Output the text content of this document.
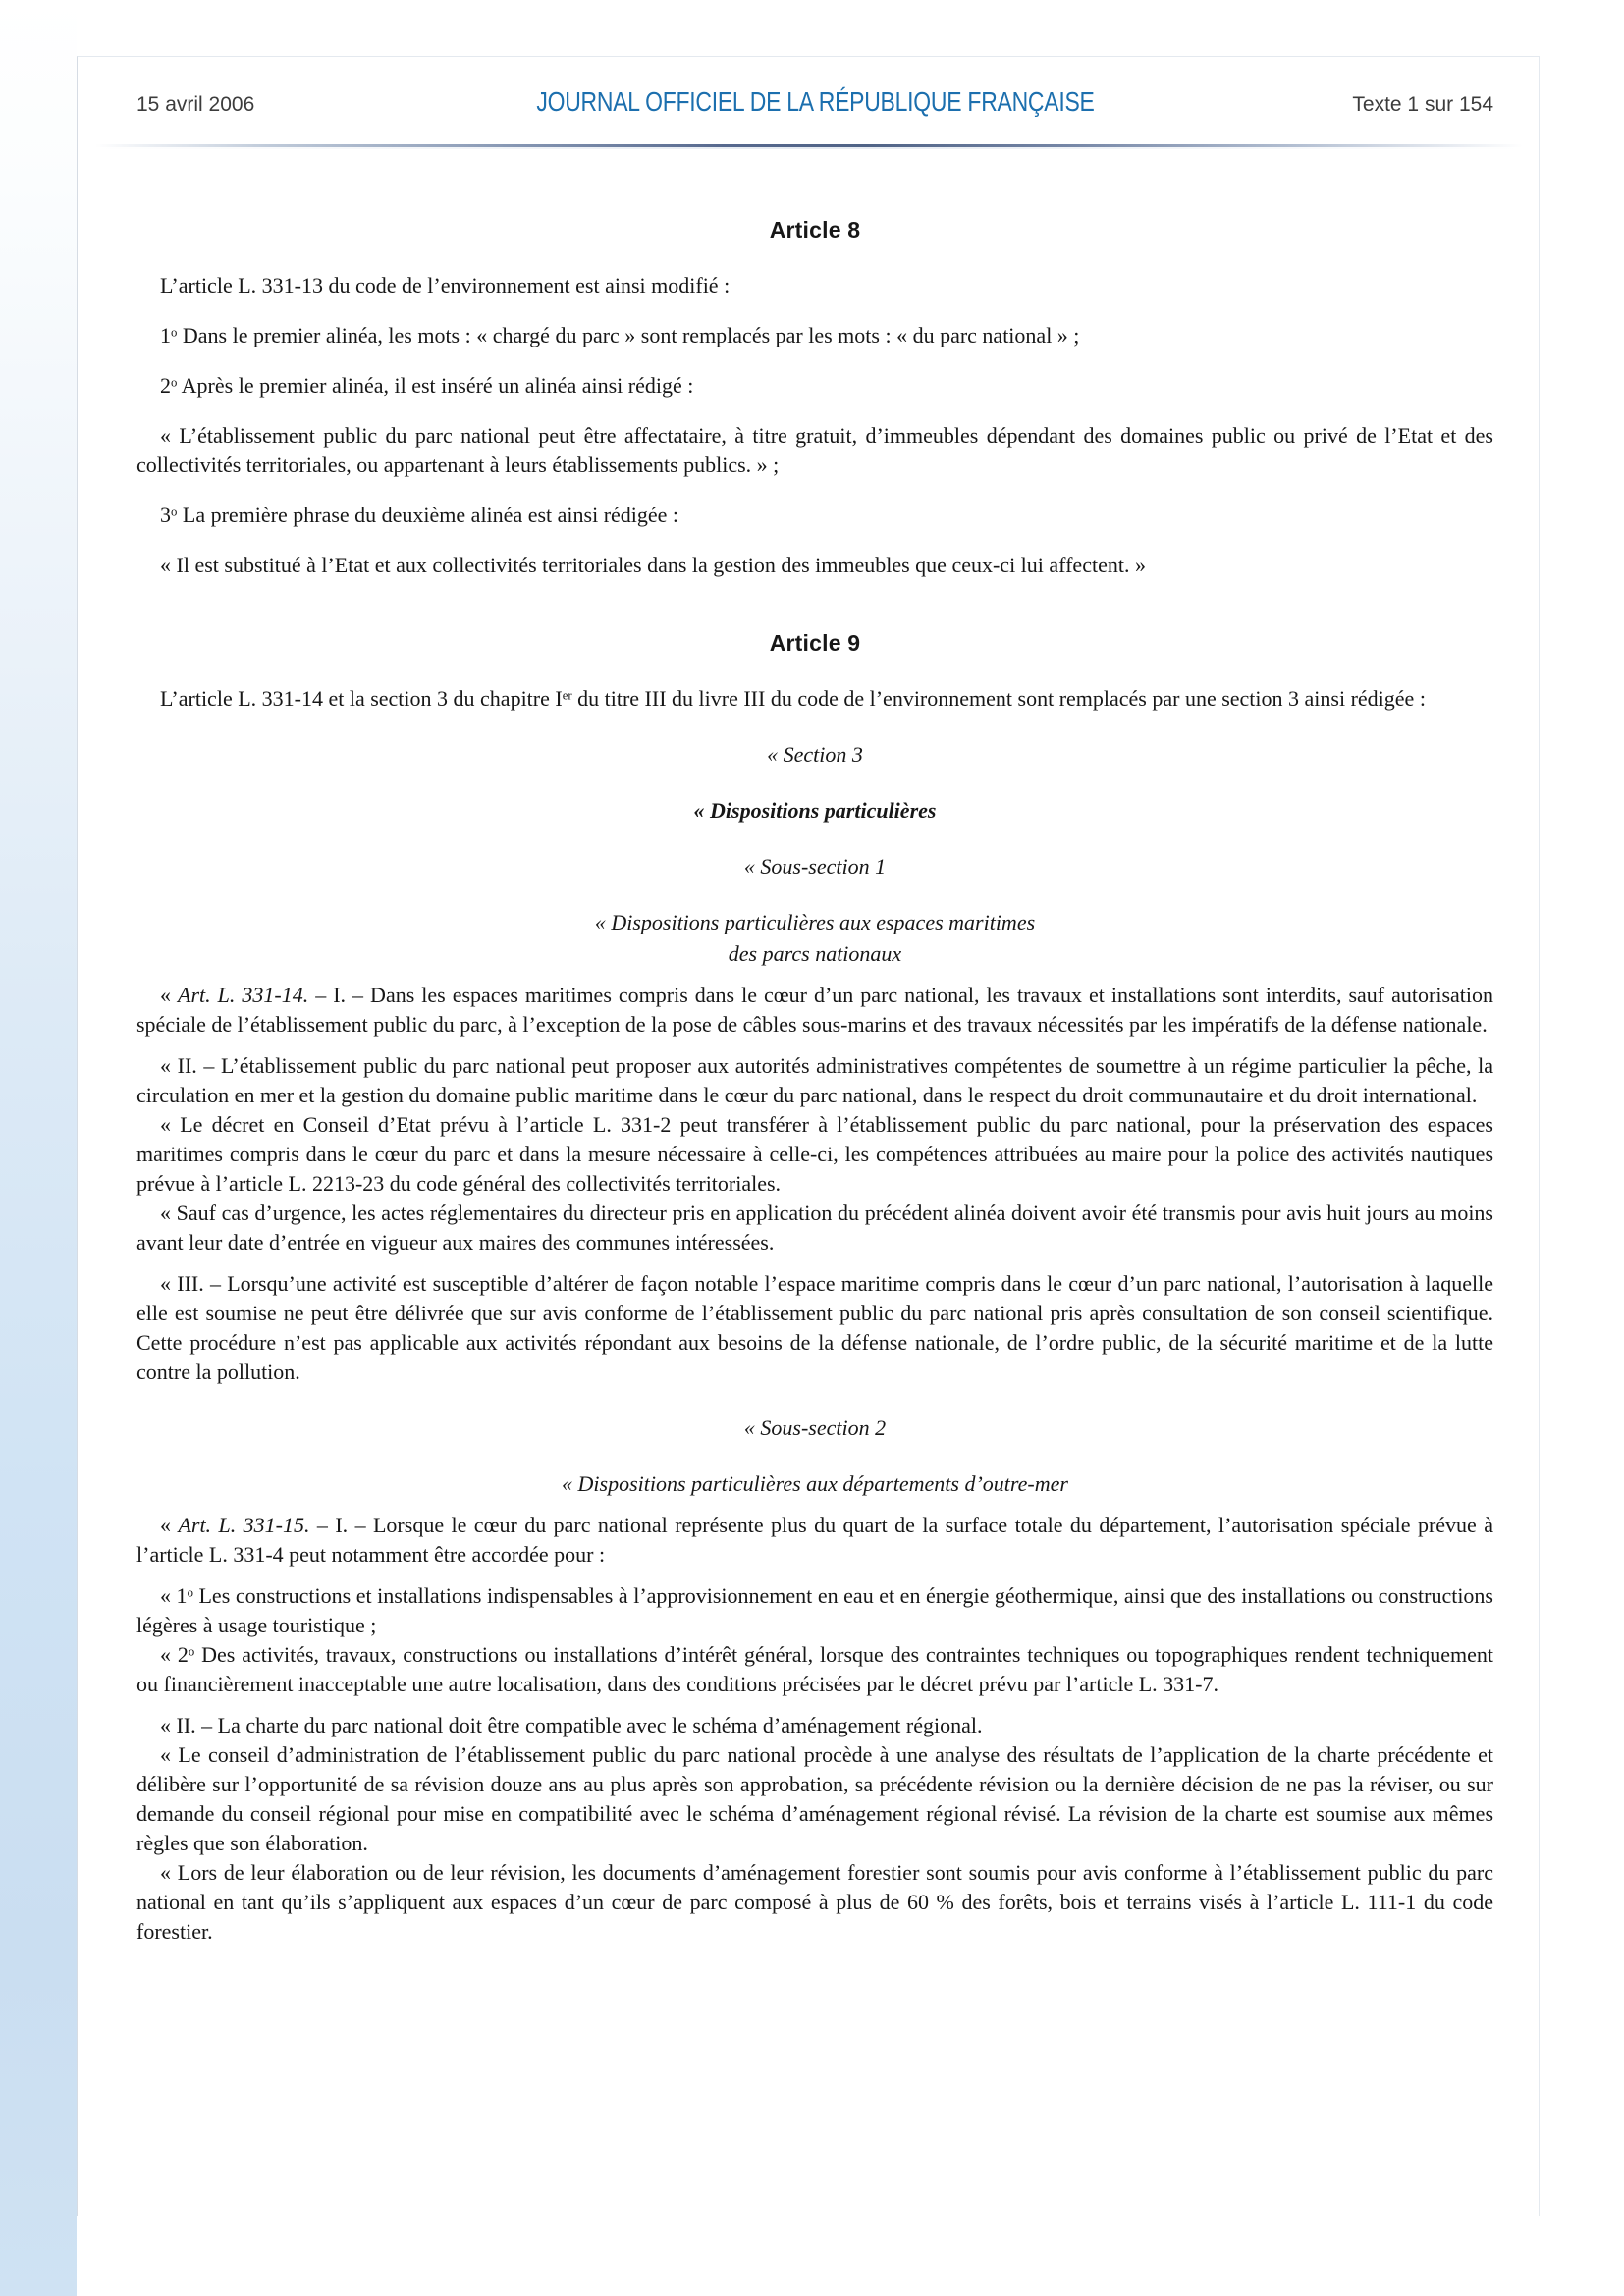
15 avril 2006	JOURNAL OFFICIEL DE LA RÉPUBLIQUE FRANÇAISE	Texte 1 sur 154
Article 8
L’article L. 331-13 du code de l’environnement est ainsi modifié :
1$^o$ Dans le premier alinéa, les mots : « chargé du parc » sont remplacés par les mots : « du parc national » ;
2$^o$ Après le premier alinéa, il est inséré un alinéa ainsi rédigé :
« L’établissement public du parc national peut être affectataire, à titre gratuit, d’immeubles dépendant des domaines public ou privé de l’Etat et des collectivités territoriales, ou appartenant à leurs établissements publics. » ;
3$^o$ La première phrase du deuxième alinéa est ainsi rédigée :
« Il est substitué à l’Etat et aux collectivités territoriales dans la gestion des immeubles que ceux-ci lui affectent. »
Article 9
L’article L. 331-14 et la section 3 du chapitre Ier du titre III du livre III du code de l’environnement sont remplacés par une section 3 ainsi rédigée :
« Section 3
« Dispositions particulières
« Sous-section 1
« Dispositions particulières aux espaces maritimes
des parcs nationaux
« Art. L. 331-14. – I. – Dans les espaces maritimes compris dans le cœur d’un parc national, les travaux et installations sont interdits, sauf autorisation spéciale de l’établissement public du parc, à l’exception de la pose de câbles sous-marins et des travaux nécessités par les impératifs de la défense nationale.
« II. – L’établissement public du parc national peut proposer aux autorités administratives compétentes de soumettre à un régime particulier la pêche, la circulation en mer et la gestion du domaine public maritime dans le cœur du parc national, dans le respect du droit communautaire et du droit international.
« Le décret en Conseil d’Etat prévu à l’article L. 331-2 peut transférer à l’établissement public du parc national, pour la préservation des espaces maritimes compris dans le cœur du parc et dans la mesure nécessaire à celle-ci, les compétences attribuées au maire pour la police des activités nautiques prévue à l’article L. 2213-23 du code général des collectivités territoriales.
« Sauf cas d’urgence, les actes réglementaires du directeur pris en application du précédent alinéa doivent avoir été transmis pour avis huit jours au moins avant leur date d’entrée en vigueur aux maires des communes intéressées.
« III. – Lorsqu’une activité est susceptible d’altérer de façon notable l’espace maritime compris dans le cœur d’un parc national, l’autorisation à laquelle elle est soumise ne peut être délivrée que sur avis conforme de l’établissement public du parc national pris après consultation de son conseil scientifique. Cette procédure n’est pas applicable aux activités répondant aux besoins de la défense nationale, de l’ordre public, de la sécurité maritime et de la lutte contre la pollution.
« Sous-section 2
« Dispositions particulières aux départements d’outre-mer
« Art. L. 331-15. – I. – Lorsque le cœur du parc national représente plus du quart de la surface totale du département, l’autorisation spéciale prévue à l’article L. 331-4 peut notamment être accordée pour :
« 1$^o$ Les constructions et installations indispensables à l’approvisionnement en eau et en énergie géothermique, ainsi que des installations ou constructions légères à usage touristique ;
« 2$^o$ Des activités, travaux, constructions ou installations d’intérêt général, lorsque des contraintes techniques ou topographiques rendent techniquement ou financièrement inacceptable une autre localisation, dans des conditions précisées par le décret prévu par l’article L. 331-7.
« II. – La charte du parc national doit être compatible avec le schéma d’aménagement régional.
« Le conseil d’administration de l’établissement public du parc national procède à une analyse des résultats de l’application de la charte précédente et délibère sur l’opportunité de sa révision douze ans au plus après son approbation, sa précédente révision ou la dernière décision de ne pas la réviser, ou sur demande du conseil régional pour mise en compatibilité avec le schéma d’aménagement régional révisé. La révision de la charte est soumise aux mêmes règles que son élaboration.
« Lors de leur élaboration ou de leur révision, les documents d’aménagement forestier sont soumis pour avis conforme à l’établissement public du parc national en tant qu’ils s’appliquent aux espaces d’un cœur de parc composé à plus de 60 % des forêts, bois et terrains visés à l’article L. 111-1 du code forestier.
